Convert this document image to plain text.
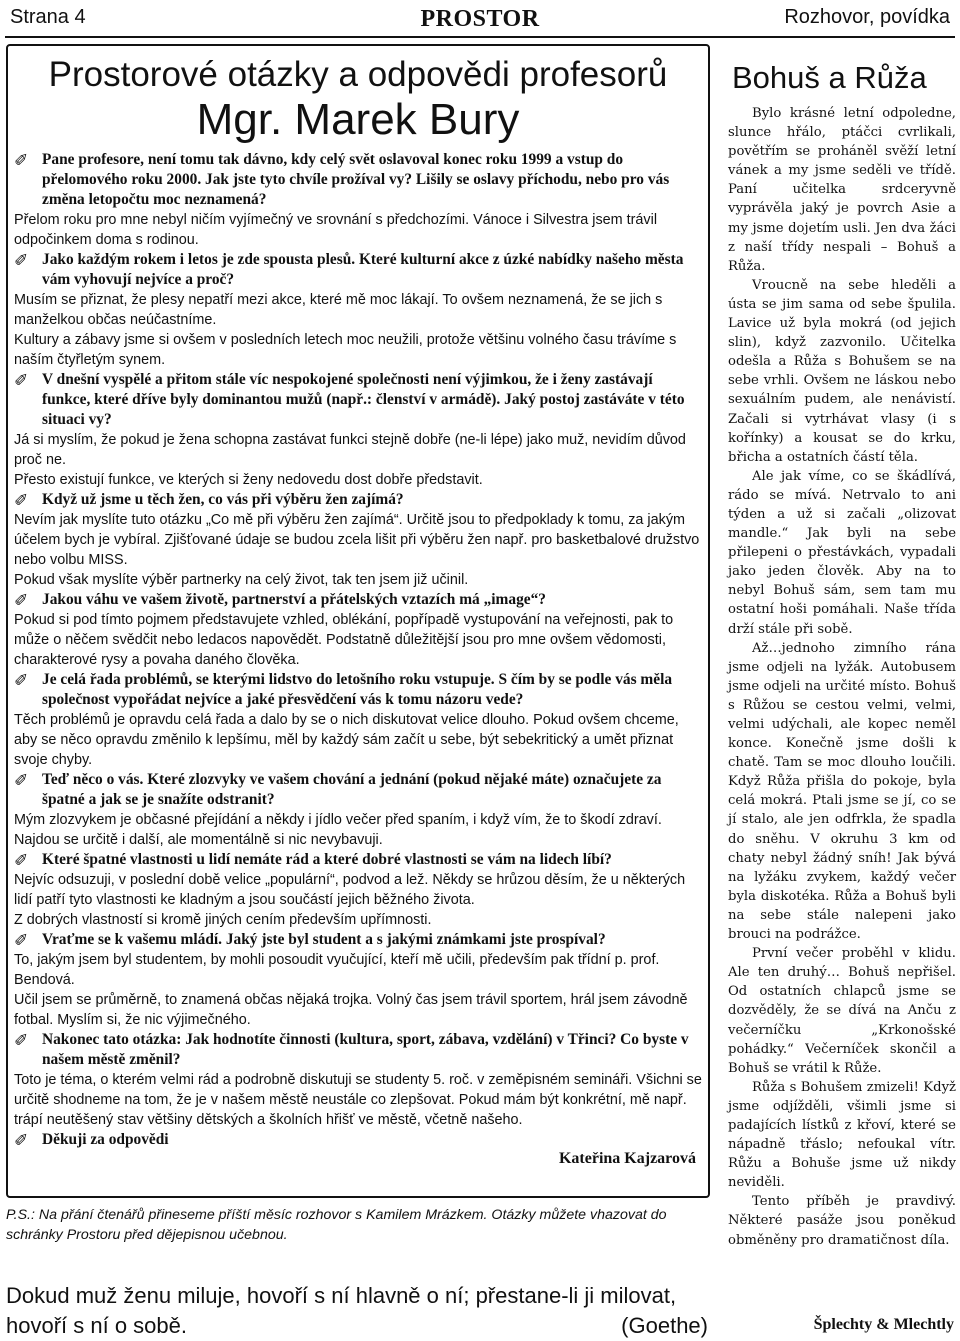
Strana 4	PROSTOR	Rozhovor, povídka
Prostorové otázky a odpovědi profesorů
Mgr. Marek Bury

✐ Pane profesore, není tomu tak dávno, kdy celý svět oslavoval konec roku 1999 a vstup do přelomového roku 2000. Jak jste tyto chvíle prožíval vy? Lišily se oslavy příchodu, nebo pro vás změna letopočtu moc neznamená?

Přelom roku pro mne nebyl ničím vyjímečný ve srovnání s předchozími. Vánoce i Silvestra jsem trávil odpočinkem doma s rodinou.

✐ Jako každým rokem i letos je zde spousta plesů. Které kulturní akce z úzké nabídky našeho města vám vyhovují nejvíce a proč?

Musím se přiznat, že plesy nepatří mezi akce, které mě moc lákají. To ovšem neznamená, že se jich s manželkou občas neúčastníme.

Kultury a zábavy jsme si ovšem v posledních letech moc neužili, protože většinu volného času trávíme s naším čtyřletým synem.

✐ V dnešní vyspělé a přitom stále víc nespokojené společnosti není výjimkou, že i ženy zastávají funkce, které dříve byly dominantou mužů (např.: členství v armádě). Jaký postoj zastáváte v této situaci vy?

Já si myslím, že pokud je žena schopna zastávat funkci stejně dobře (ne-li lépe) jako muž, nevidím důvod proč ne.

Přesto existují funkce, ve kterých si ženy nedovedu dost dobře představit.

✐ Když už jsme u těch žen, co vás při výběru žen zajímá?

Nevím jak myslíte tuto otázku „Co mě při výběru žen zajímá“. Určitě jsou to předpoklady k tomu, za jakým účelem bych je vybíral. Zjišťované údaje se budou zcela lišit při výběru žen např. pro basketbalové družstvo nebo volbu MISS.

Pokud však myslíte výběr partnerky na celý život, tak ten jsem již učinil.

✐ Jakou váhu ve vašem životě, partnerství a přátelských vztazích má „image“?

Pokud si pod tímto pojmem představujete vzhled, oblékání, popřípadě vystupování na veřejnosti, pak to může o něčem svědčit nebo ledacos napovědět. Podstatně důležitější jsou pro mne ovšem vědomosti, charakterové rysy a povaha daného člověka.

✐ Je celá řada problémů, se kterými lidstvo do letošního roku vstupuje. S čím by se podle vás měla společnost vypořádat nejvíce a jaké přesvědčení vás k tomu názoru vede?

Těch problémů je opravdu celá řada a dalo by se o nich diskutovat velice dlouho. Pokud ovšem chceme, aby se něco opravdu změnilo k lepšímu, měl by každý sám začít u sebe, být sebekritický a umět přiznat svoje chyby.

✐ Teď něco o vás. Které zlozvyky ve vašem chování a jednání (pokud nějaké máte) označujete za špatné a jak se je snažíte odstranit?

Mým zlozvykem je občasné přejídání a někdy i jídlo večer před spaním, i když vím, že to škodí zdraví. Najdou se určitě i další, ale momentálně si nic nevybavuji.

✐ Které špatné vlastnosti u lidí nemáte rád a které dobré vlastnosti se vám na lidech líbí?

Nejvíc odsuzuji, v poslední době velice „populární“, podvod a lež. Někdy se hrůzou děsím, že u některých lidí patří tyto vlastnosti ke kladným a jsou součástí jejich běžného života.

Z dobrých vlastností si kromě jiných cením především upřímnosti.

✐ Vraťme se k vašemu mládí. Jaký jste byl student a s jakými známkami jste prospíval?

To, jakým jsem byl studentem, by mohli posoudit vyučující, kteří mě učili, především pak třídní p. prof. Bendová.

Učil jsem se průměrně, to znamená občas nějaká trojka. Volný čas jsem trávil sportem, hrál jsem závodně fotbal. Myslím si, že nic výjimečného.

✐ Nakonec tato otázka: Jak hodnotíte činnosti (kultura, sport, zábava, vzdělání) v Třinci? Co byste v našem městě změnil?

Toto je téma, o kterém velmi rád a podrobně diskutuji se studenty 5. roč. v zeměpisném semináři. Všichni se určitě shodneme na tom, že je v našem městě neustále co zlepšovat. Pokud mám být konkrétní, mě např. trápí neutěšený stav většiny dětských a školních hřišť ve městě, včetně našeho.

✐ Děkuji za odpovědi

Kateřina Kajzarová
P.S.: Na přání čtenářů přineseme příští měsíc rozhovor s Kamilem Mrázkem. Otázky můžete vhazovat do schránky Prostoru před dějepisnou učebnou.
Dokud muž ženu miluje, hovoří s ní hlavně o ní; přestane-li ji milovat, hovoří s ní o sobě.	(Goethe)
Bohuš a Růža

Bylo krásné letní odpoledne, slunce hřálo, ptáčci cvrlikali, povětřím se proháněl svěží letní vánek a my jsme seděli ve třídě. Paní učitelka srdceryvně vyprávěla jaký je povrch Asie a my jsme dojetím usli. Jen dva žáci z naší třídy nespali – Bohuš a Růža.

Vroucně na sebe hleděli a ústa se jim sama od sebe špulila. Lavice už byla mokrá (od jejich slin), když zazvonilo. Učitelka odešla a Růža s Bohušem se na sebe vrhli. Ovšem ne láskou nebo sexuálním pudem, ale nenávistí. Začali si vytrhávat vlasy (i s kořínky) a kousat se do krku, břicha a ostatních částí těla.

Ale jak víme, co se škádlívá, rádo se mívá. Netrvalo to ani týden a už si začali „olizovat mandle.“ Jak byli na sebe přilepeni o přestávkách, vypadali jako jeden člověk. Aby na to nebyl Bohuš sám, sem tam mu ostatní hoši pomáhali. Naše třída drží stále při sobě.

Až…jednoho zimního rána jsme odjeli na lyžák. Autobusem jsme odjeli na určité místo. Bohuš s Růžou se cestou velmi, velmi, velmi udýchali, ale kopec neměl konce. Konečně jsme došli k chatě. Tam se moc dlouho loučili. Když Růža přišla do pokoje, byla celá mokrá. Ptali jsme se jí, co se jí stalo, ale jen odfrkla, že spadla do sněhu. V okruhu 3 km od chaty nebyl žádný sníh! Jak bývá na lyžáku zvykem, každý večer byla diskotéka. Růža a Bohuš byli na sebe stále nalepeni jako brouci na podrážce.

První večer proběhl v klidu. Ale ten druhý… Bohuš nepřišel. Od ostatních chlapců jsme se dozvěděly, že se dívá na Anču z večerníčku „Krkonošské pohádky.“ Večerníček skončil a Bohuš se vrátil k Růže.

Růža s Bohušem zmizeli! Když jsme odjížděli, všimli jsme si padajících lístků z křoví, které se nápadně třáslo; nefoukal vítr. Růžu a Bohuše jsme už nikdy neviděli.

Tento příběh je pravdivý. Některé pasáže jsou poněkud obměněny pro dramatičnost díla.

Šplechty & Mlechtly
